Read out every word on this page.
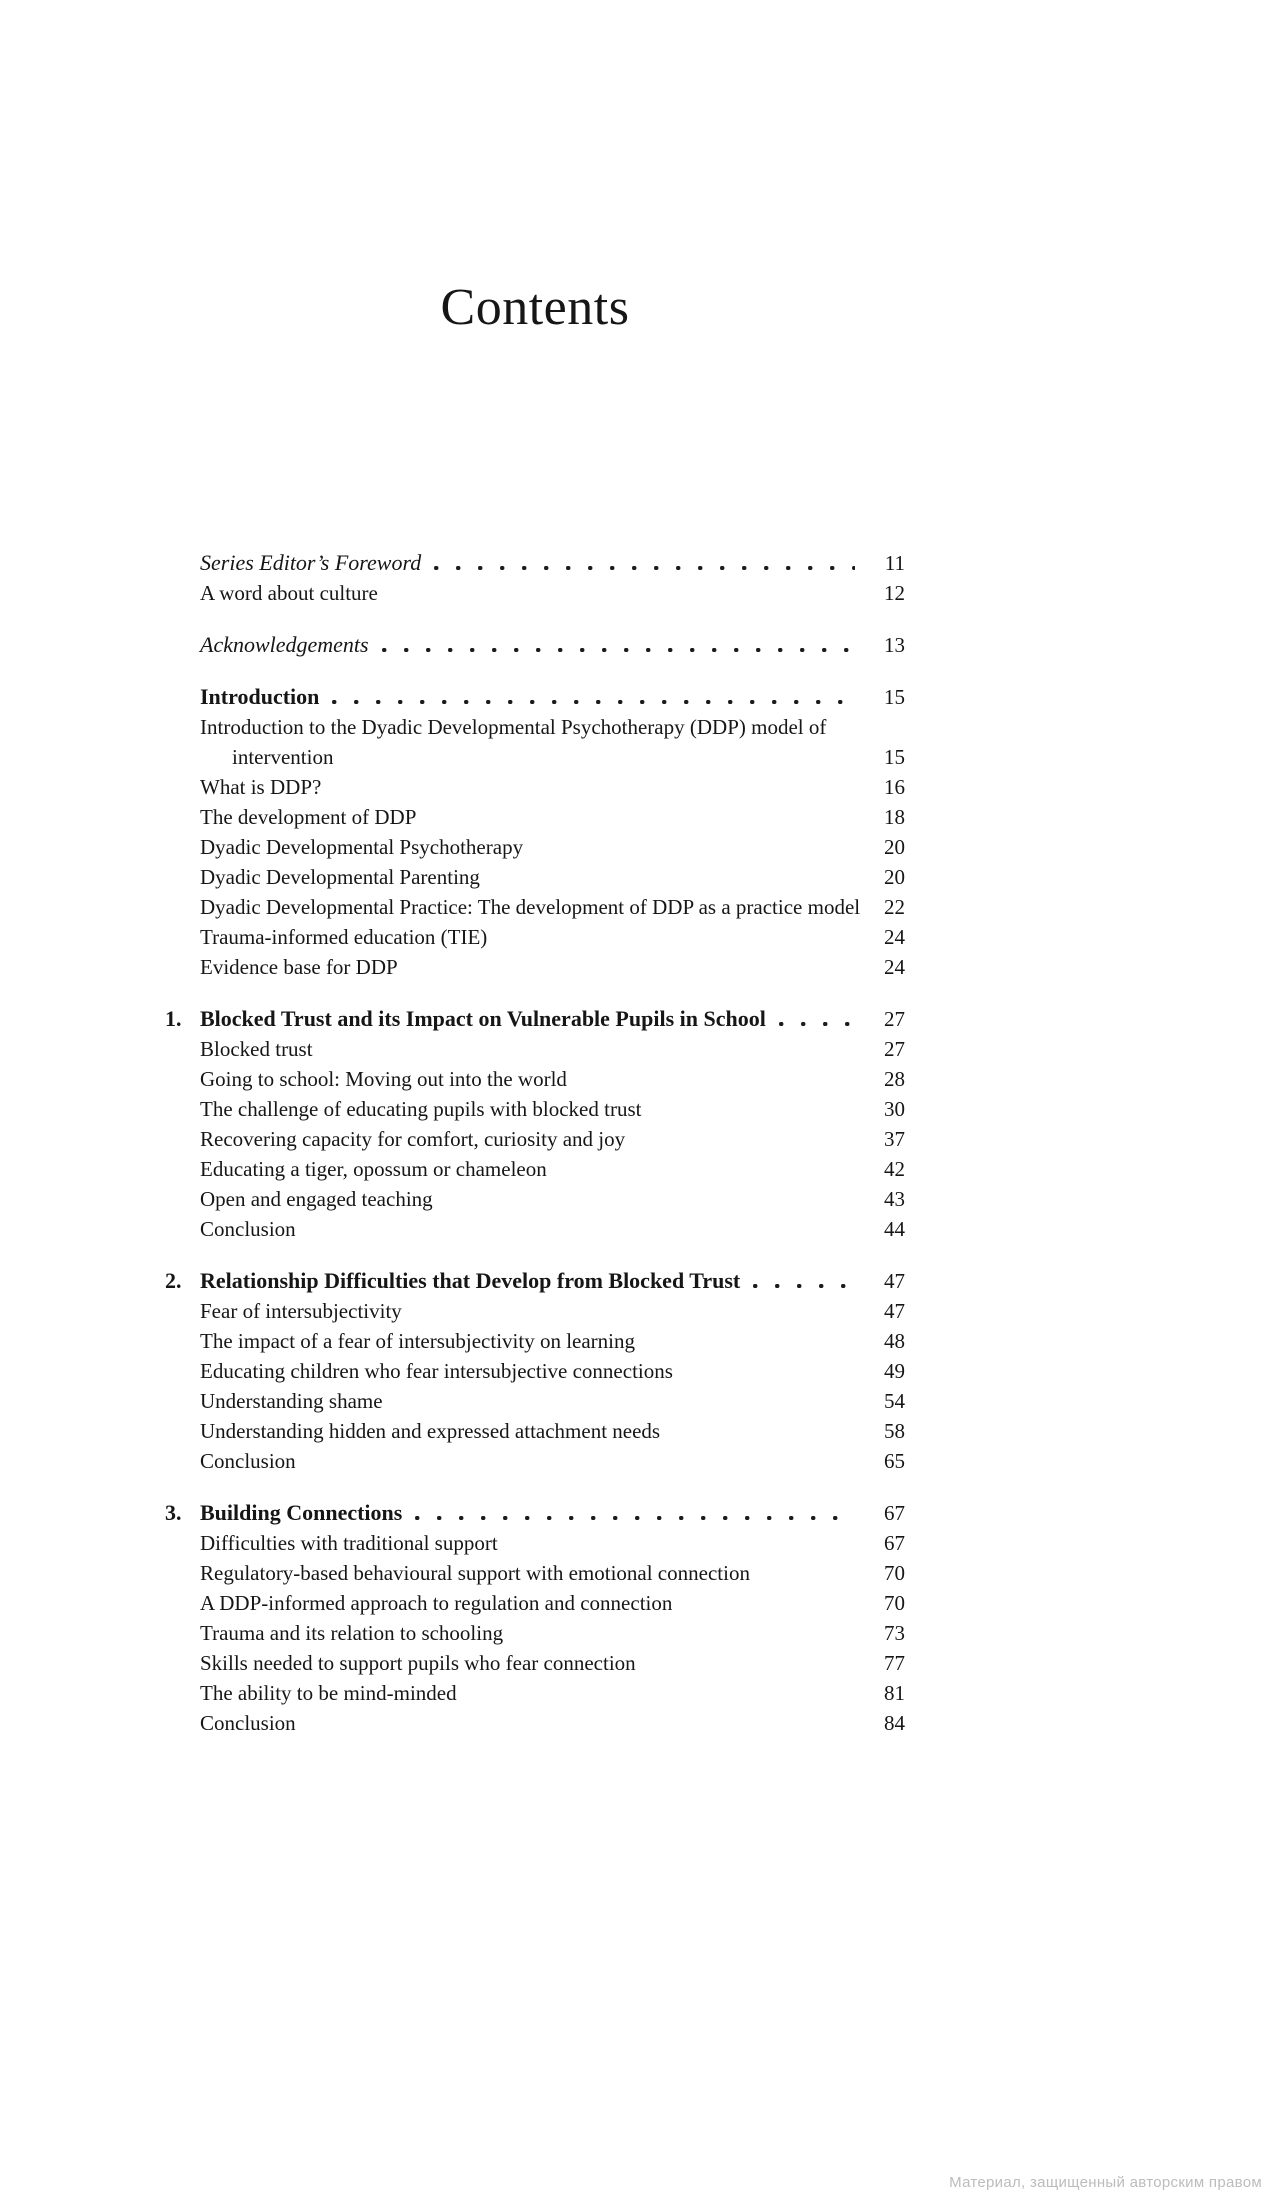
Contents
Series Editor’s Foreword	11
A word about culture	12
Acknowledgements	13
Introduction	15
Introduction to the Dyadic Developmental Psychotherapy (DDP) model of
intervention	15
What is DDP?	16
The development of DDP	18
Dyadic Developmental Psychotherapy	20
Dyadic Developmental Parenting	20
Dyadic Developmental Practice: The development of DDP as a practice model	22
Trauma-informed education (TIE)	24
Evidence base for DDP	24
1. Blocked Trust and its Impact on Vulnerable Pupils in School	27
Blocked trust	27
Going to school: Moving out into the world	28
The challenge of educating pupils with blocked trust	30
Recovering capacity for comfort, curiosity and joy	37
Educating a tiger, opossum or chameleon	42
Open and engaged teaching	43
Conclusion	44
2. Relationship Difficulties that Develop from Blocked Trust	47
Fear of intersubjectivity	47
The impact of a fear of intersubjectivity on learning	48
Educating children who fear intersubjective connections	49
Understanding shame	54
Understanding hidden and expressed attachment needs	58
Conclusion	65
3. Building Connections	67
Difficulties with traditional support	67
Regulatory-based behavioural support with emotional connection	70
A DDP-informed approach to regulation and connection	70
Trauma and its relation to schooling	73
Skills needed to support pupils who fear connection	77
The ability to be mind-minded	81
Conclusion	84
Материал, защищенный авторским правом
